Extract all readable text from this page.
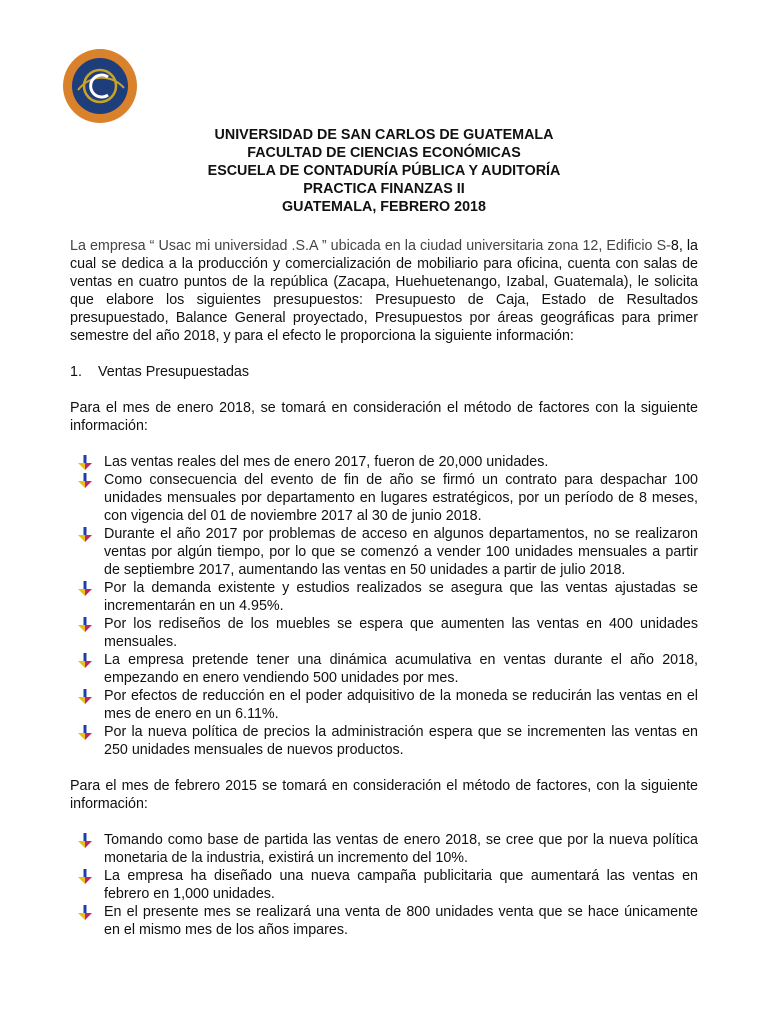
UNIVERSIDAD DE SAN CARLOS DE GUATEMALA
FACULTAD DE CIENCIAS ECONÓMICAS
ESCUELA DE CONTADURÍA PÚBLICA Y AUDITORÍA
PRACTICA FINANZAS II
GUATEMALA, FEBRERO 2018
La empresa “ Usac mi universidad .S.A ” ubicada en la ciudad universitaria zona 12, Edificio S-8, la cual se dedica a la producción y comercialización de mobiliario para oficina, cuenta con salas de ventas en cuatro puntos de la república (Zacapa, Huehuetenango, Izabal, Guatemala), le solicita que elabore los siguientes presupuestos: Presupuesto de Caja, Estado de Resultados presupuestado, Balance General proyectado, Presupuestos por áreas geográficas para primer semestre del año 2018, y para el efecto le proporciona la siguiente información:
1. Ventas Presupuestadas
Para el mes de enero 2018, se tomará en consideración el método de factores con la siguiente información:
Las ventas reales del mes de enero 2017, fueron de 20,000 unidades.
Como consecuencia del evento de fin de año se firmó un contrato para despachar 100 unidades mensuales por departamento en lugares estratégicos, por un período de 8 meses, con vigencia del 01 de noviembre 2017 al 30 de junio 2018.
Durante el año 2017 por problemas de acceso en algunos departamentos, no se realizaron ventas por algún tiempo, por lo que se comenzó a vender 100 unidades mensuales a partir de septiembre 2017, aumentando las ventas en 50 unidades a partir de julio 2018.
Por la demanda existente y estudios realizados se asegura que las ventas ajustadas se incrementarán en un 4.95%.
Por los rediseños de los muebles se espera que aumenten las ventas en 400 unidades mensuales.
La empresa pretende tener una dinámica acumulativa en ventas durante el año 2018, empezando en enero vendiendo 500 unidades por mes.
Por efectos de reducción en el poder adquisitivo de la moneda se reducirán las ventas en el mes de enero en un 6.11%.
Por la nueva política de precios la administración espera que se incrementen las ventas en 250 unidades mensuales de nuevos productos.
Para el mes de febrero 2015 se tomará en consideración el método de factores, con la siguiente información:
Tomando como base de partida las ventas de enero 2018, se cree que por la nueva política monetaria de la industria, existirá un incremento del 10%.
La empresa ha diseñado una nueva campaña publicitaria que aumentará las ventas en febrero en 1,000 unidades.
En el presente mes se realizará una venta de 800 unidades venta que se hace únicamente en el mismo mes de los años impares.
